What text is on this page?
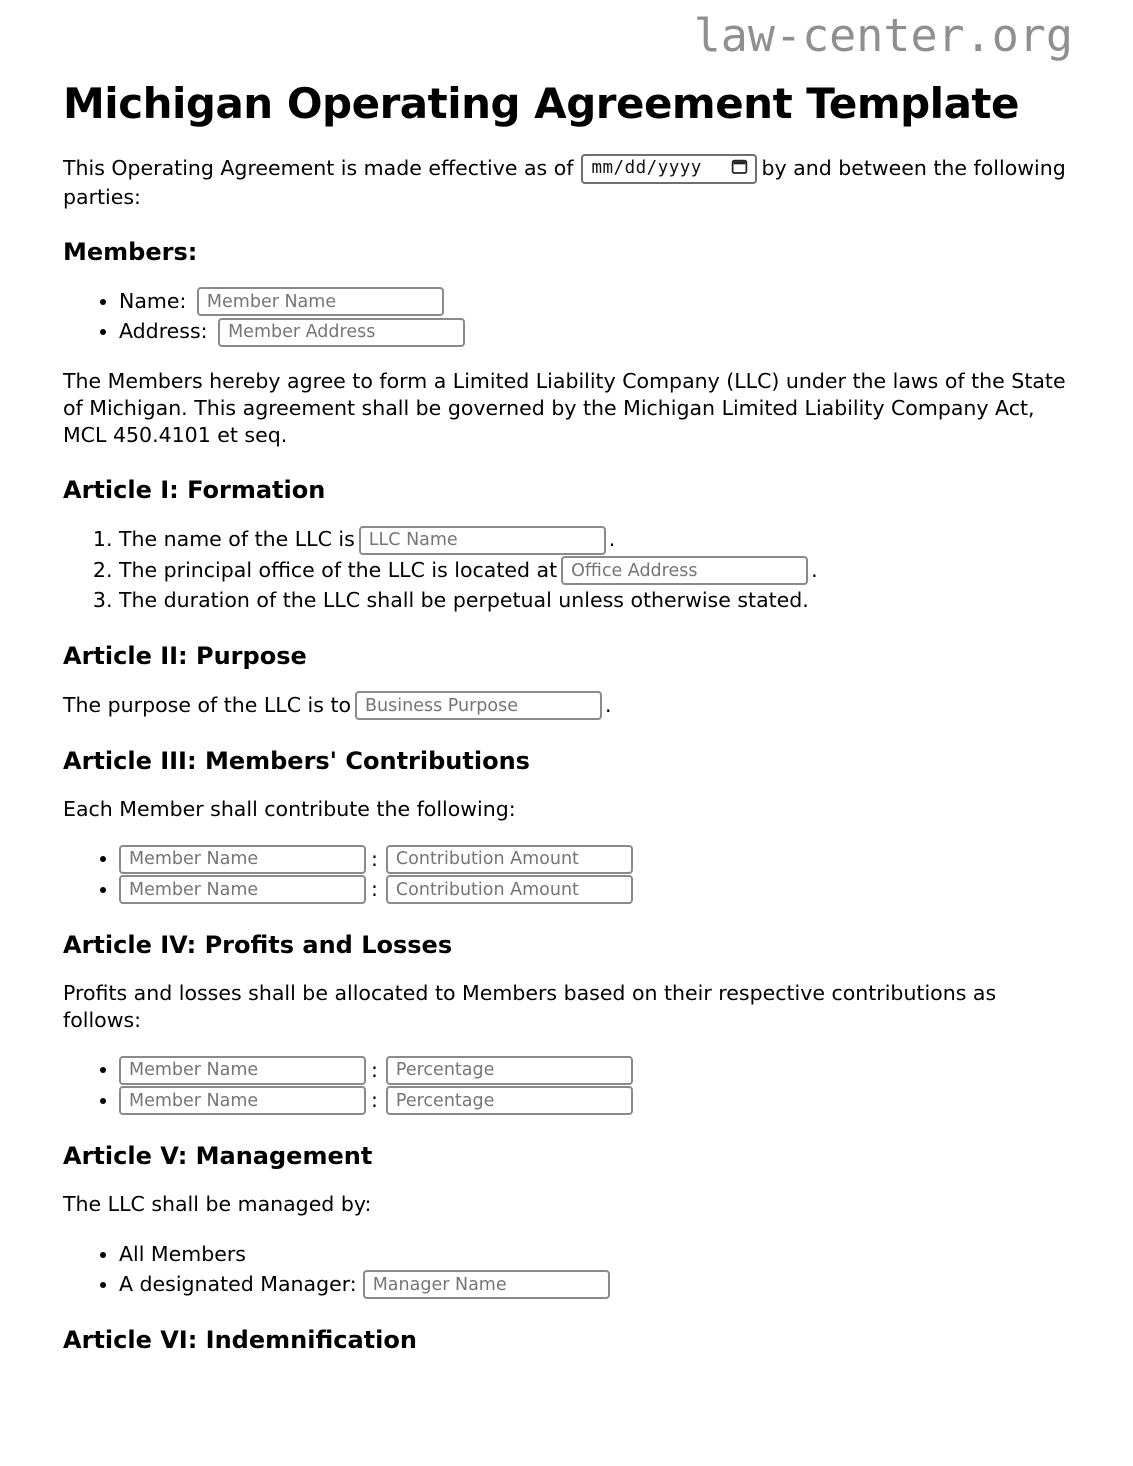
law-center.org
Michigan Operating Agreement Template

This Operating Agreement is made effective as of mm/dd/yyyy	by and between the following parties:

Members:
• Name: Member Name
• Address: Member Address

The Members hereby agree to form a Limited Liability Company (LLC) under the laws of the State of Michigan. This agreement shall be governed by the Michigan Limited Liability Company Act, MCL 450.4101 et seq.

Article I: Formation
1. The name of the LLC isLLC Name	.
2. The principal office of the LLC is located atOffice Address	.
3. The duration of the LLC shall be perpetual unless otherwise stated.
Article II: Purpose

The purpose of the LLC is toBusiness Purpose	.

Article III: Members' Contributions

Each Member shall contribute the following:

Member Name • :Contribution Amount
Member Name • :Contribution Amount
Article IV: Profits and Losses

Profits and losses shall be allocated to Members based on their respective contributions as follows:

Member Name • :Percentage
Member Name • :Percentage
Article V: Management

The LLC shall be managed by:

• All Members
• A designated Manager:Manager Name
Article VI: Indemnification
